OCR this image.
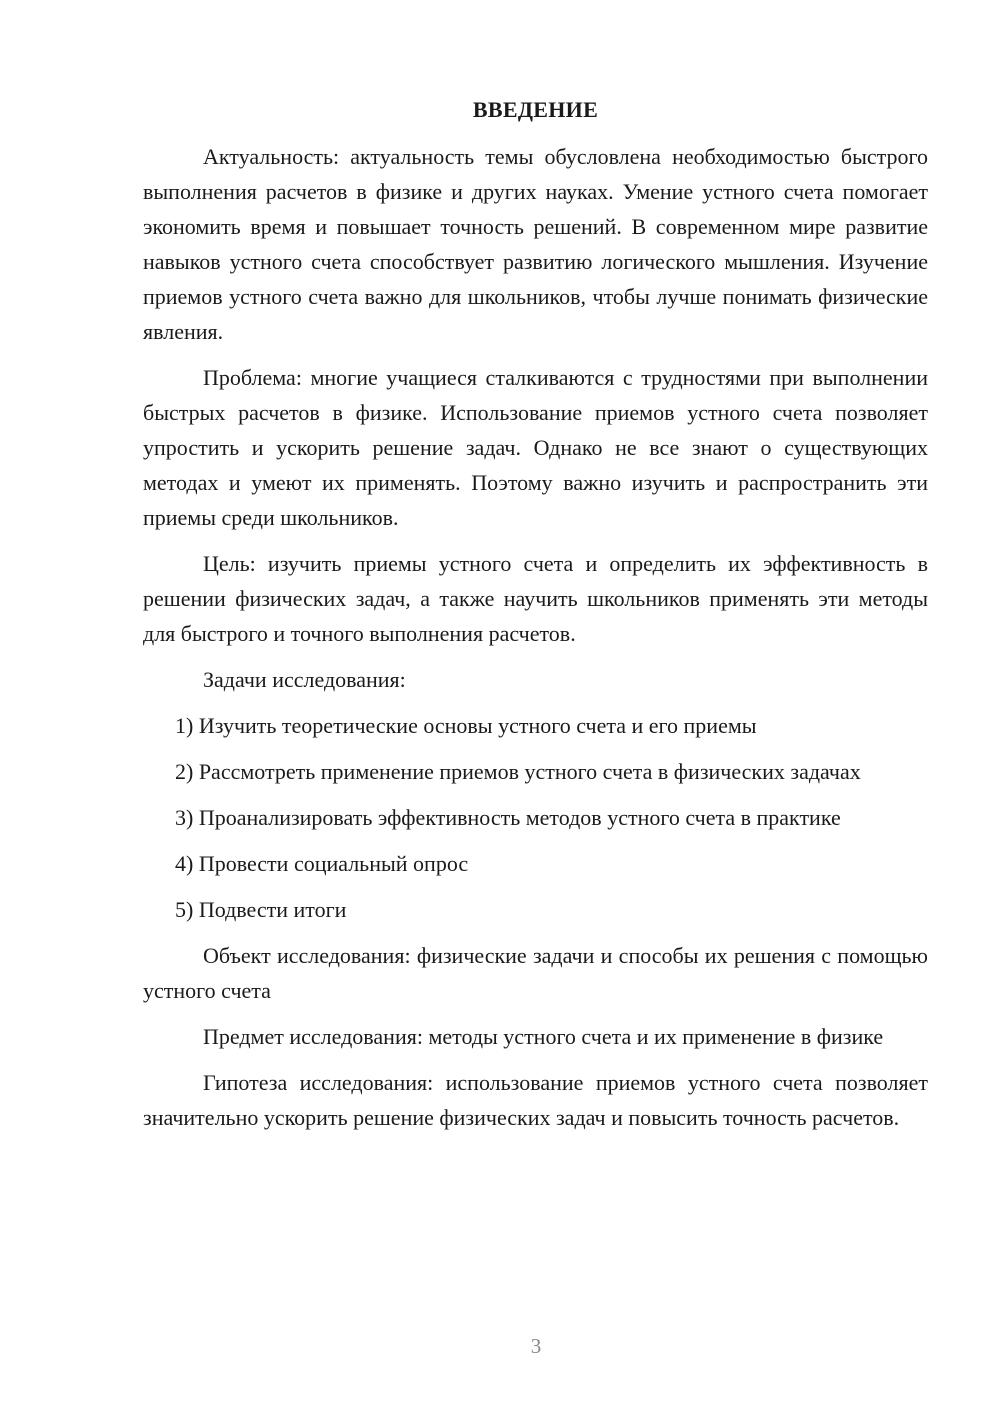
ВВЕДЕНИЕ

Актуальность: актуальность темы обусловлена необходимостью быстрого выполнения расчетов в физике и других науках. Умение устного счета помогает экономить время и повышает точность решений. В современном мире развитие навыков устного счета способствует развитию логического мышления. Изучение приемов устного счета важно для школьников, чтобы лучше понимать физические явления.

Проблема: многие учащиеся сталкиваются с трудностями при выполнении быстрых расчетов в физике. Использование приемов устного счета позволяет упростить и ускорить решение задач. Однако не все знают о существующих методах и умеют их применять. Поэтому важно изучить и распространить эти приемы среди школьников.

Цель: изучить приемы устного счета и определить их эффективность в решении физических задач, а также научить школьников применять эти методы для быстрого и точного выполнения расчетов.

Задачи исследования:

1) Изучить теоретические основы устного счета и его приемы

2) Рассмотреть применение приемов устного счета в физических задачах

3) Проанализировать эффективность методов устного счета в практике

4) Провести социальный опрос

5) Подвести итоги

Объект исследования: физические задачи и способы их решения с помощью устного счета

Предмет исследования: методы устного счета и их применение в физике

Гипотеза исследования: использование приемов устного счета позволяет значительно ускорить решение физических задач и повысить точность расчетов.

3
